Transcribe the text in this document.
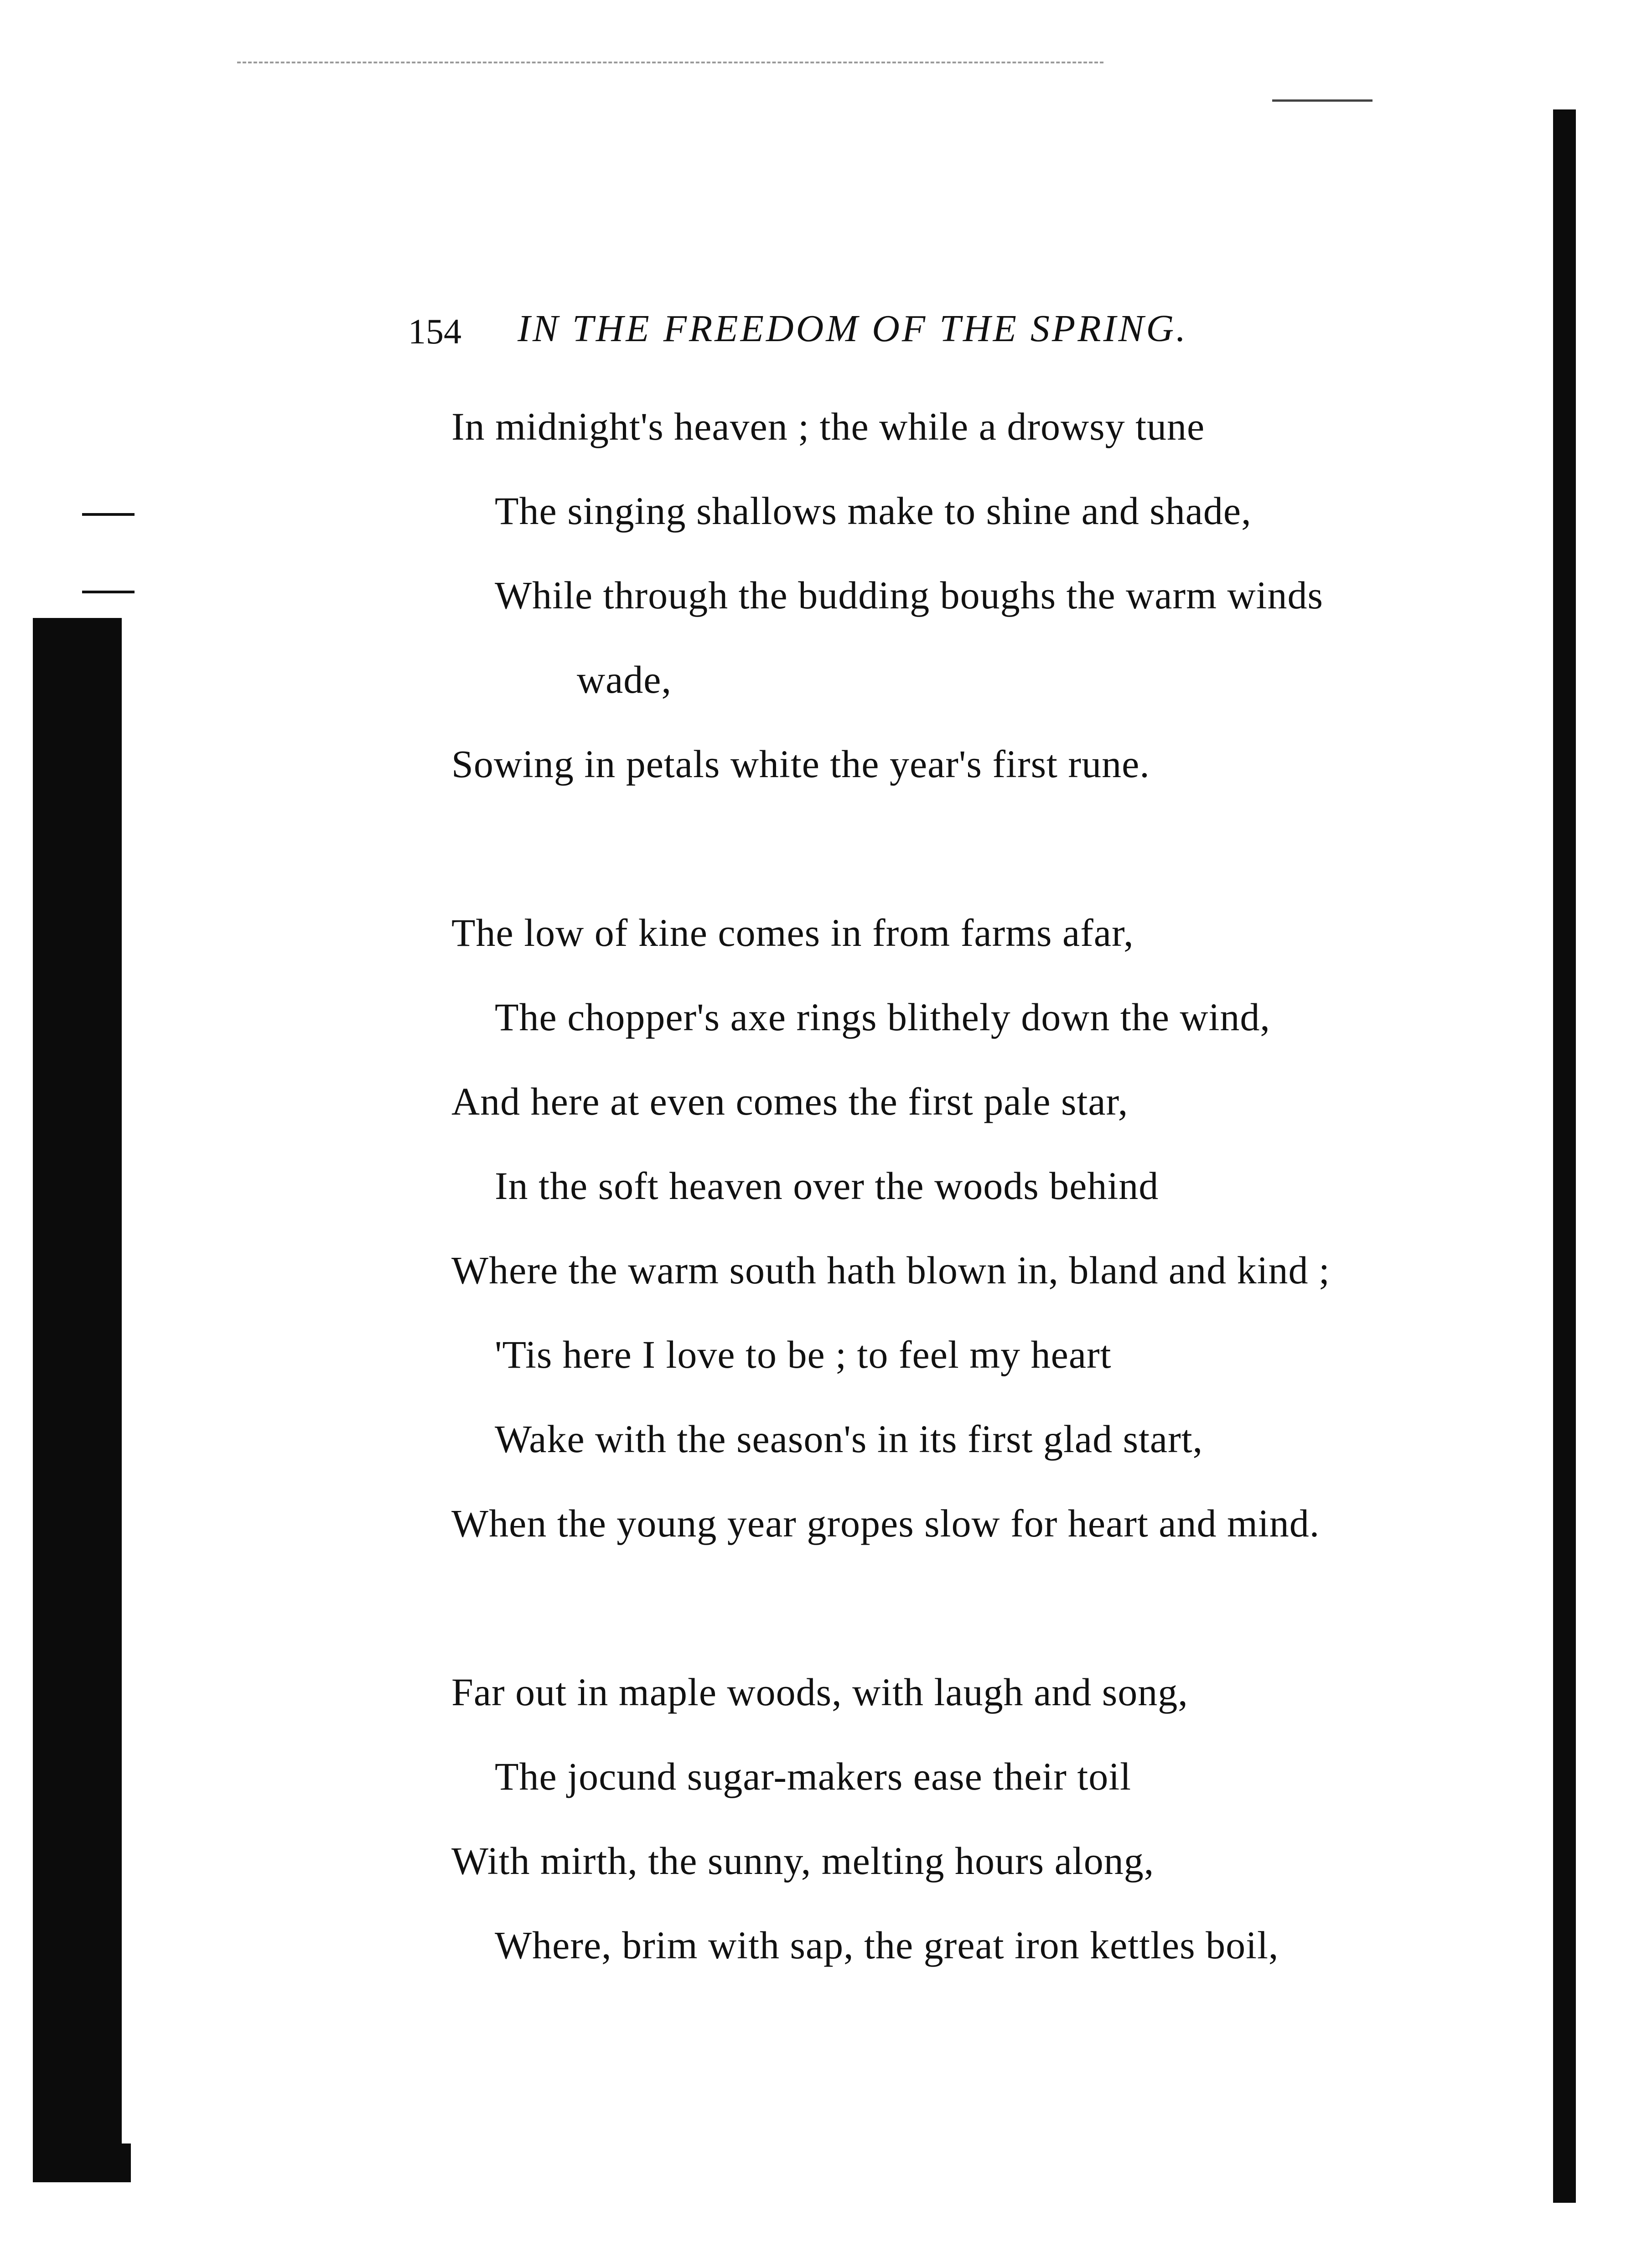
154 IN THE FREEDOM OF THE SPRING.
In midnight's heaven ; the while a drowsy tune
The singing shallows make to shine and shade,
While through the budding boughs the warm winds
wade,
Sowing in petals white the year's first rune.
The low of kine comes in from farms afar,
The chopper's axe rings blithely down the wind,
And here at even comes the first pale star,
In the soft heaven over the woods behind
Where the warm south hath blown in, bland and kind ;
'Tis here I love to be ; to feel my heart
Wake with the season's in its first glad start,
When the young year gropes slow for heart and mind.
Far out in maple woods, with laugh and song,
The jocund sugar-makers ease their toil
With mirth, the sunny, melting hours along,
Where, brim with sap, the great iron kettles boil,
